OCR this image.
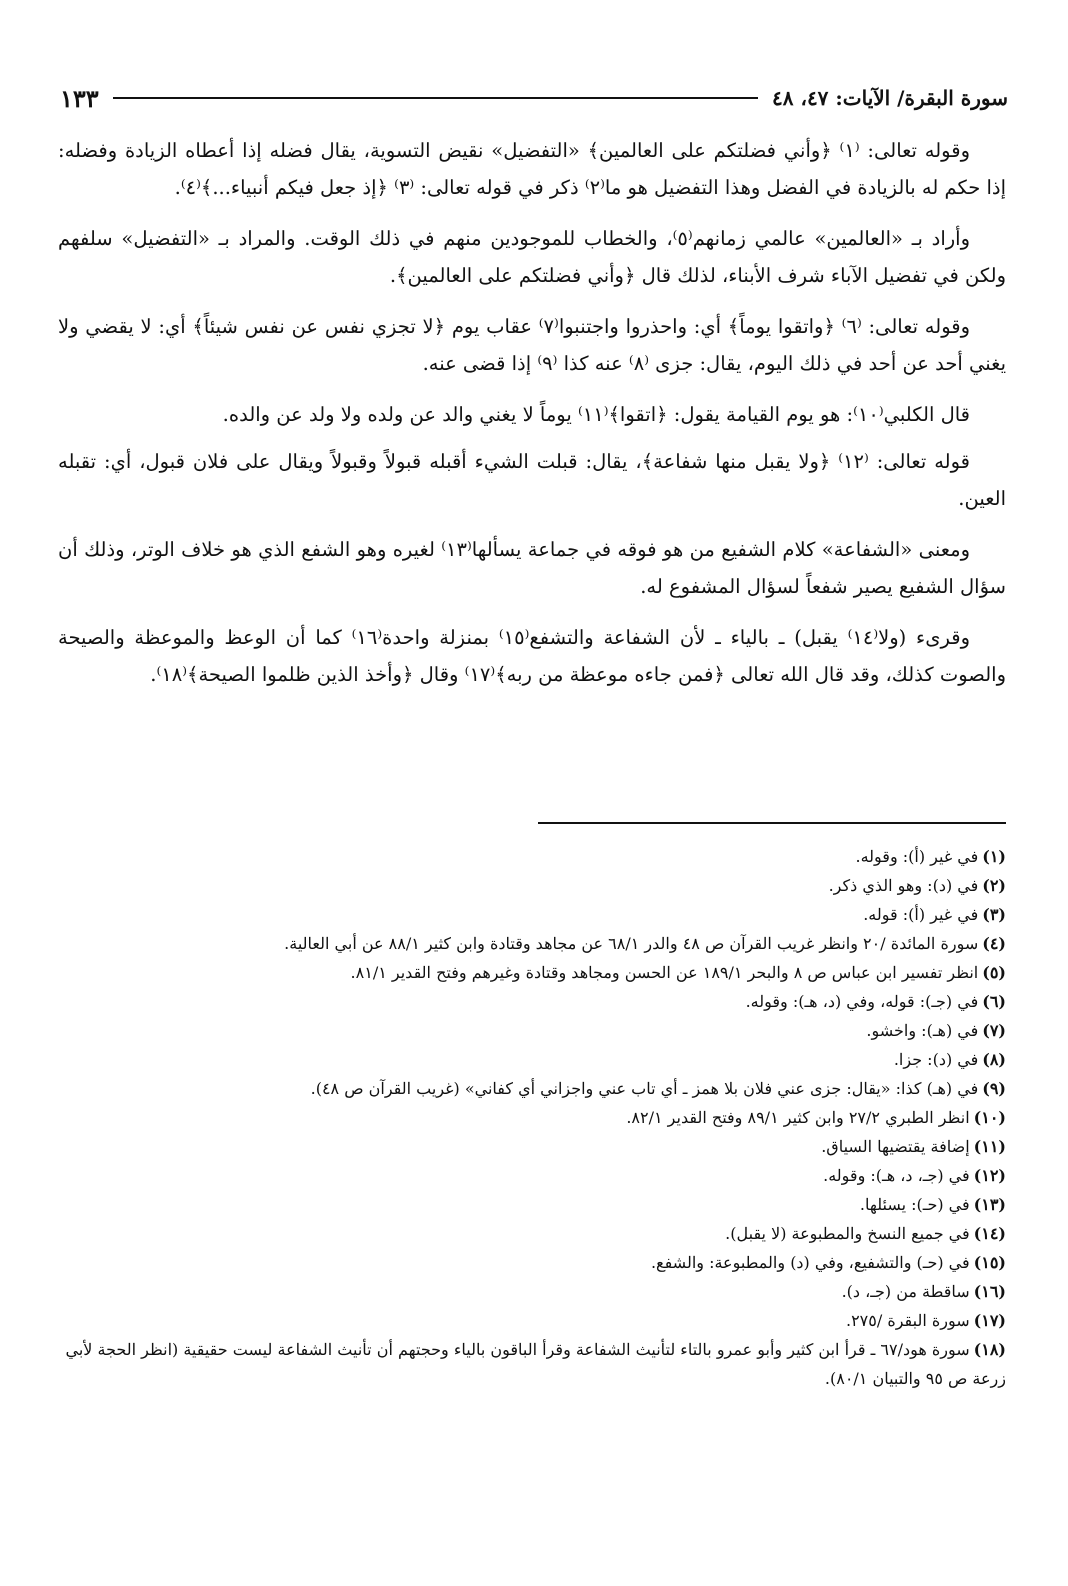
سورة البقرة/ الآيات: ٤٧، ٤٨
١٣٣

وقوله تعالى: ⁽١⁾ ﴿وأني فضلتكم على العالمين﴾ «التفضيل» نقيض التسوية، يقال فضله إذا أعطاه الزيادة وفضله: إذا حكم له بالزيادة في الفضل وهذا التفضيل هو ما⁽٢⁾ ذكر في قوله تعالى: ⁽٣⁾ ﴿إذ جعل فيكم أنبياء...﴾⁽٤⁾.

وأراد بـ «العالمين» عالمي زمانهم⁽٥⁾، والخطاب للموجودين منهم في ذلك الوقت. والمراد بـ «التفضيل» سلفهم ولكن في تفضيل الآباء شرف الأبناء، لذلك قال ﴿وأني فضلتكم على العالمين﴾.

وقوله تعالى: ⁽٦⁾ ﴿واتقوا يوماً﴾ أي: واحذروا واجتنبوا⁽٧⁾ عقاب يوم ﴿لا تجزي نفس عن نفس شيئاً﴾ أي: لا يقضي ولا يغني أحد عن أحد في ذلك اليوم، يقال: جزى ⁽٨⁾ عنه كذا ⁽٩⁾ إذا قضى عنه.

قال الكلبي⁽١٠⁾: هو يوم القيامة يقول: ﴿اتقوا﴾⁽١١⁾ يوماً لا يغني والد عن ولده ولا ولد عن والده.

قوله تعالى: ⁽١٢⁾ ﴿ولا يقبل منها شفاعة﴾، يقال: قبلت الشيء أقبله قبولاً وقبولاً ويقال على فلان قبول، أي: تقبله العين.

ومعنى «الشفاعة» كلام الشفيع من هو فوقه في جماعة يسألها⁽١٣⁾ لغيره وهو الشفع الذي هو خلاف الوتر، وذلك أن سؤال الشفيع يصير شفعاً لسؤال المشفوع له.

وقرىء (ولا⁽١٤⁾ يقبل) ـ بالياء ـ لأن الشفاعة والتشفع⁽١٥⁾ بمنزلة واحدة⁽١٦⁾ كما أن الوعظ والموعظة والصيحة والصوت كذلك، وقد قال الله تعالى ﴿فمن جاءه موعظة من ربه﴾⁽١٧⁾ وقال ﴿وأخذ الذين ظلموا الصيحة﴾⁽١٨⁾.

(١)في غير (أ): وقوله.

(٢)في (د): وهو الذي ذكر.

(٣)في غير (أ): قوله.

(٤)سورة المائدة /٢٠ وانظر غريب القرآن ص ٤٨ والدر ٦٨/١ عن مجاهد وقتادة وابن كثير ٨٨/١ عن أبي العالية.

(٥)انظر تفسير ابن عباس ص ٨ والبحر ١٨٩/١ عن الحسن ومجاهد وقتادة وغيرهم وفتح القدير ٨١/١.

(٦)في (جـ): قوله، وفي (د، هـ): وقوله.

(٧)في (هـ): واخشو.

(٨)في (د): جزا.

(٩)في (هـ) كذا: «يقال: جزى عني فلان بلا همز ـ أي تاب عني واجزاني أي كفاني» (غريب القرآن ص ٤٨).

(١٠)انظر الطبري ٢٧/٢ وابن كثير ٨٩/١ وفتح القدير ٨٢/١.

(١١)إضافة يقتضيها السياق.

(١٢)في (جـ، د، هـ): وقوله.

(١٣)في (حـ): يسئلها.

(١٤)في جميع النسخ والمطبوعة (لا يقبل).

(١٥)في (حـ) والتشفيع، وفي (د) والمطبوعة: والشفع.

(١٦)ساقطة من (جـ، د).

(١٧)سورة البقرة /٢٧٥.

(١٨)سورة هود/٦٧ ـ قرأ ابن كثير وأبو عمرو بالتاء لتأنيث الشفاعة وقرأ الباقون بالياء وحجتهم أن تأنيث الشفاعة ليست حقيقية (انظر الحجة لأبي زرعة ص ٩٥ والتبيان ٨٠/١).
